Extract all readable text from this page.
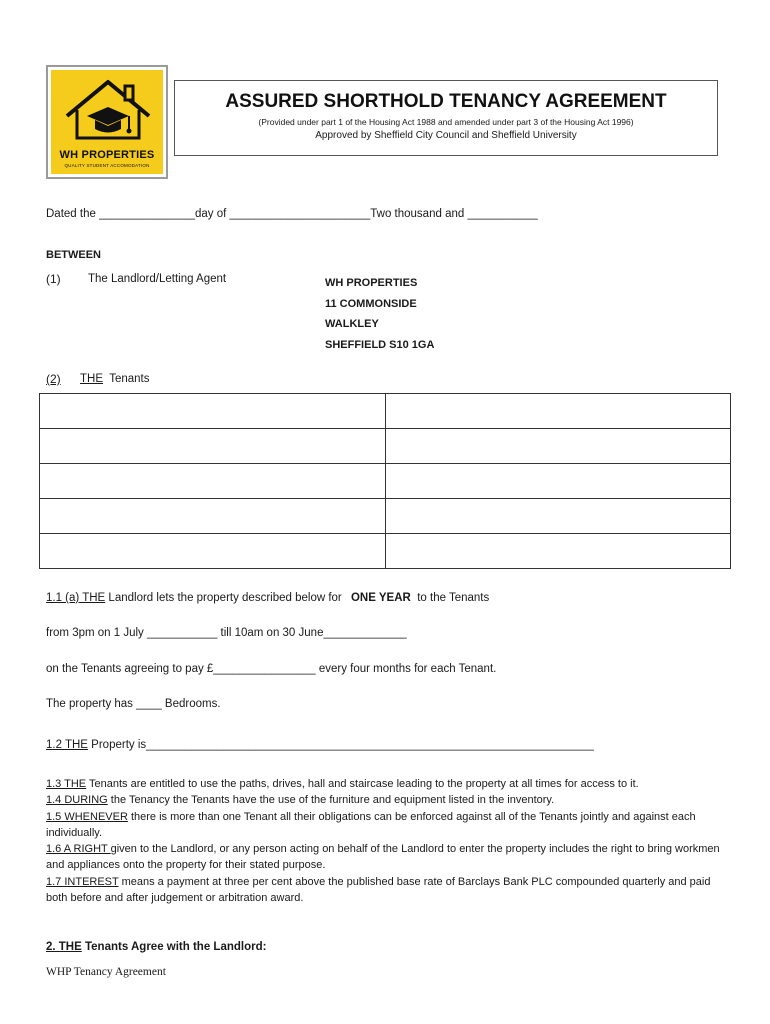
WH PROPERTIES
QUALITY STUDENT ACCOMODATION
ASSURED SHORTHOLD TENANCY AGREEMENT
(Provided under part 1 of the Housing Act 1988 and amended under part 3 of the Housing Act 1996)
Approved by Sheffield City Council and Sheffield University
Dated the _______________day of ______________________Two thousand and ___________
BETWEEN
(1) The Landlord/Letting Agent	WH PROPERTIES
11 COMMONSIDE
WALKLEY
SHEFFIELD S10 1GA
(2) THE Tenants

1.1 (a) THE Landlord lets the property described below for ONE YEAR  to the Tenants
from 3pm on 1 July ___________ till 10am on 30 June_____________
on the Tenants agreeing to pay £________________ every four months for each Tenant.
The property has ____ Bedrooms.
1.2 THE Property is______________________________________________________________________
1.3 THE Tenants are entitled to use the paths, drives, hall and staircase leading to the property at all times for access to it.
1.4 DURING the Tenancy the Tenants have the use of the furniture and equipment listed in the inventory.
1.5 WHENEVER there is more than one Tenant all their obligations can be enforced against all of the Tenants jointly and against each individually.
1.6 A RIGHT given to the Landlord, or any person acting on behalf of the Landlord to enter the property includes the right to bring workmen and appliances onto the property for their stated purpose.
1.7 INTEREST means a payment at three per cent above the published base rate of Barclays Bank PLC compounded quarterly and paid both before and after judgement or arbitration award.
2. THE Tenants Agree with the Landlord:
WHP Tenancy Agreement
